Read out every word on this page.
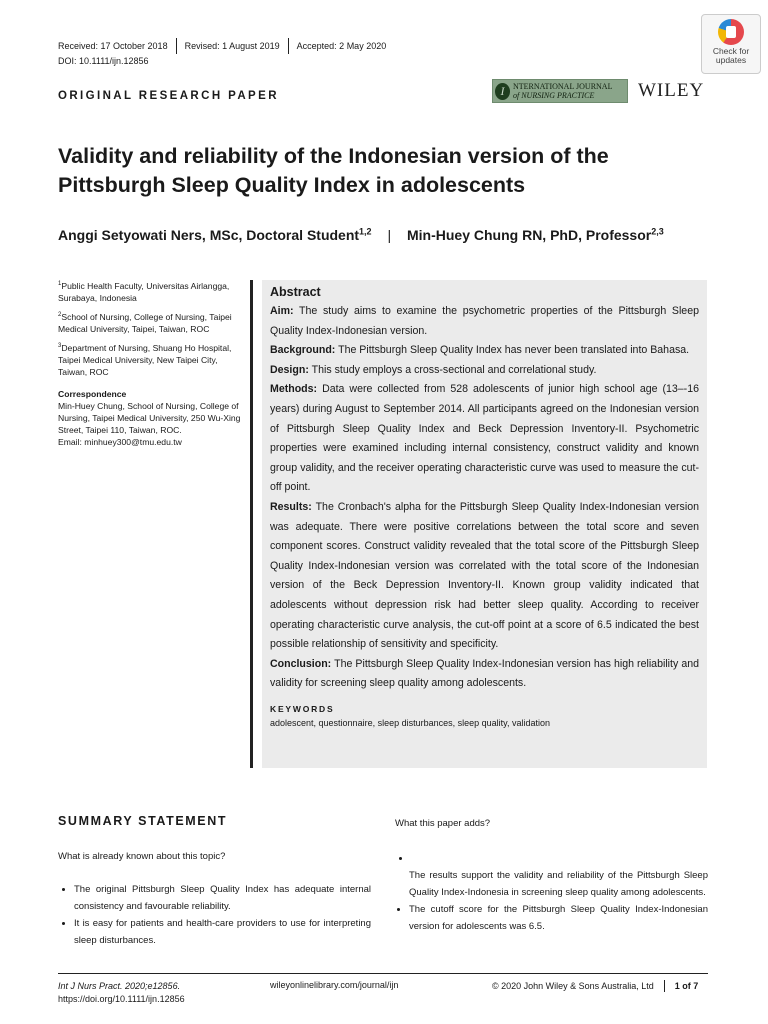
Received: 17 October 2018 Revised: 1 August 2019 Accepted: 2 May 2020
DOI: 10.1111/ijn.12856
ORIGINAL RESEARCH PAPER
Check for updates
I	NTERNATIONAL JOURNAL
of NURSING PRACTICE	WILEY
Validity and reliability of the Indonesian version of the Pittsburgh Sleep Quality Index in adolescents
Anggi Setyowati Ners, MSc, Doctoral Student$^{1,2}$ | Min-Huey Chung RN, PhD, Professor$^{2,3}$

$^1$Public Health Faculty, Universitas Airlangga, Surabaya, Indonesia

$^2$School of Nursing, College of Nursing, Taipei Medical University, Taipei, Taiwan, ROC

$^3$Department of Nursing, Shuang Ho Hospital, Taipei Medical University, New Taipei City, Taiwan, ROC

Correspondence
Min-Huey Chung, School of Nursing, College of Nursing, Taipei Medical University, 250 Wu-Xing Street, Taipei 110, Taiwan, ROC.
Email: minhuey300@tmu.edu.tw
Abstract

Aim: The study aims to examine the psychometric properties of the Pittsburgh Sleep Quality Index-Indonesian version.

Background: The Pittsburgh Sleep Quality Index has never been translated into Bahasa.

Design: This study employs a cross-sectional and correlational study.

Methods: Data were collected from 528 adolescents of junior high school age (13–-16 years) during August to September 2014. All participants agreed on the Indonesian version of Pittsburgh Sleep Quality Index and Beck Depression Inventory-II. Psychometric properties were examined including internal consistency, construct validity and known group validity, and the receiver operating characteristic curve was used to measure the cut-off point.

Results: The Cronbach's alpha for the Pittsburgh Sleep Quality Index-Indonesian version was adequate. There were positive correlations between the total score and seven component scores. Construct validity revealed that the total score of the Pittsburgh Sleep Quality Index-Indonesian version was correlated with the total score of the Indonesian version of the Beck Depression Inventory-II. Known group validity indicated that adolescents without depression risk had better sleep quality. According to receiver operating characteristic curve analysis, the cut-off point at a score of 6.5 indicated the best possible relationship of sensitivity and specificity.

Conclusion: The Pittsburgh Sleep Quality Index-Indonesian version has high reliability and validity for screening sleep quality among adolescents.

KEYWORDS
adolescent, questionnaire, sleep disturbances, sleep quality, validation
SUMMARY STATEMENT

What is already known about this topic?

• The original Pittsburgh Sleep Quality Index has adequate internal consistency and favourable reliability.
• It is easy for patients and health-care providers to use for interpreting sleep disturbances.

What this paper adds?

•
The results support the validity and reliability of the Pittsburgh Sleep Quality Index-Indonesia in screening sleep quality among adolescents.
• The cutoff score for the Pittsburgh Sleep Quality Index-Indonesian version for adolescents was 6.5.
Int J Nurs Pract. 2020;e12856.
https://doi.org/10.1111/ijn.12856
wileyonlinelibrary.com/journal/ijn	© 2020 John Wiley & Sons Australia, Ltd 1 of 7
